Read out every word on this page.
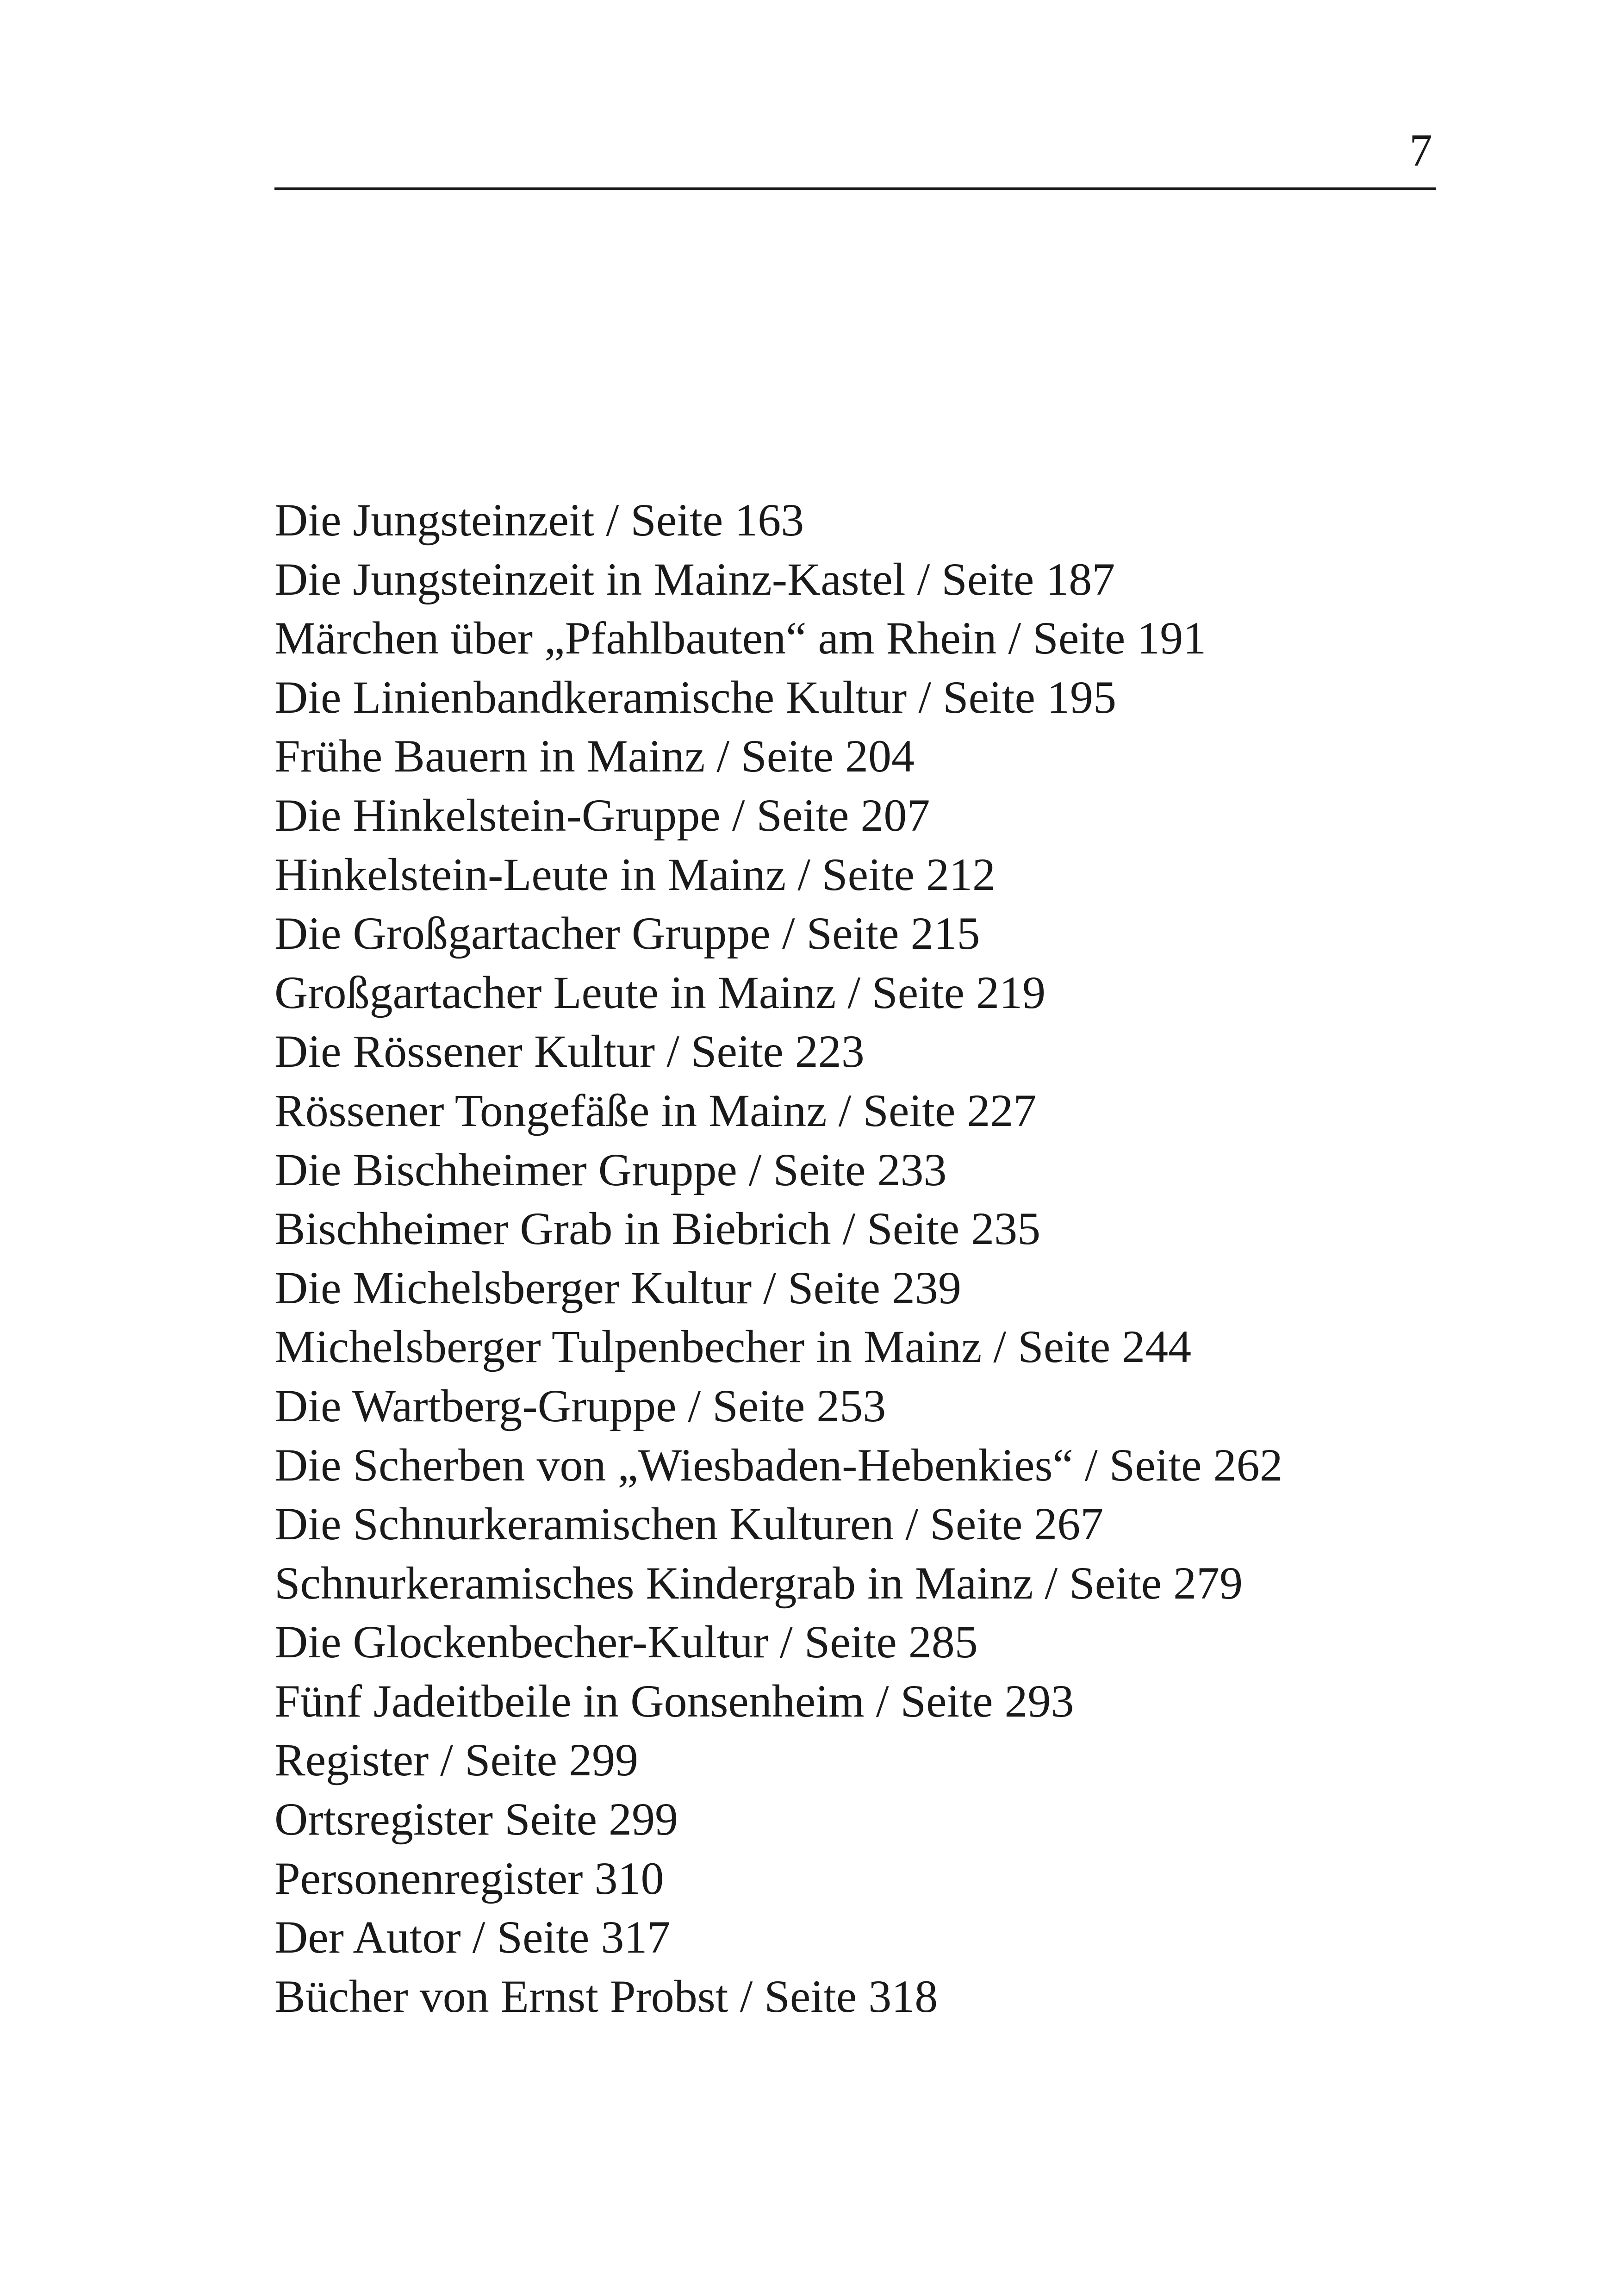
7
Die Jungsteinzeit / Seite 163
Die Jungsteinzeit in Mainz-Kastel / Seite 187
Märchen über „Pfahlbauten“ am Rhein / Seite 191
Die Linienbandkeramische Kultur / Seite 195
Frühe Bauern in Mainz / Seite 204
Die Hinkelstein-Gruppe / Seite 207
Hinkelstein-Leute in Mainz / Seite 212
Die Großgartacher Gruppe / Seite 215
Großgartacher Leute in Mainz / Seite 219
Die Rössener Kultur / Seite 223
Rössener Tongefäße in Mainz / Seite 227
Die Bischheimer Gruppe / Seite 233
Bischheimer Grab in Biebrich / Seite 235
Die Michelsberger Kultur / Seite 239
Michelsberger Tulpenbecher in Mainz / Seite 244
Die Wartberg-Gruppe / Seite 253
Die Scherben von „Wiesbaden-Hebenkies“ / Seite 262
Die Schnurkeramischen Kulturen / Seite 267
Schnurkeramisches Kindergrab in Mainz / Seite 279
Die Glockenbecher-Kultur / Seite 285
Fünf Jadeitbeile in Gonsenheim / Seite 293
Register / Seite 299
Ortsregister Seite 299
Personenregister 310
Der Autor / Seite 317
Bücher von Ernst Probst / Seite 318
